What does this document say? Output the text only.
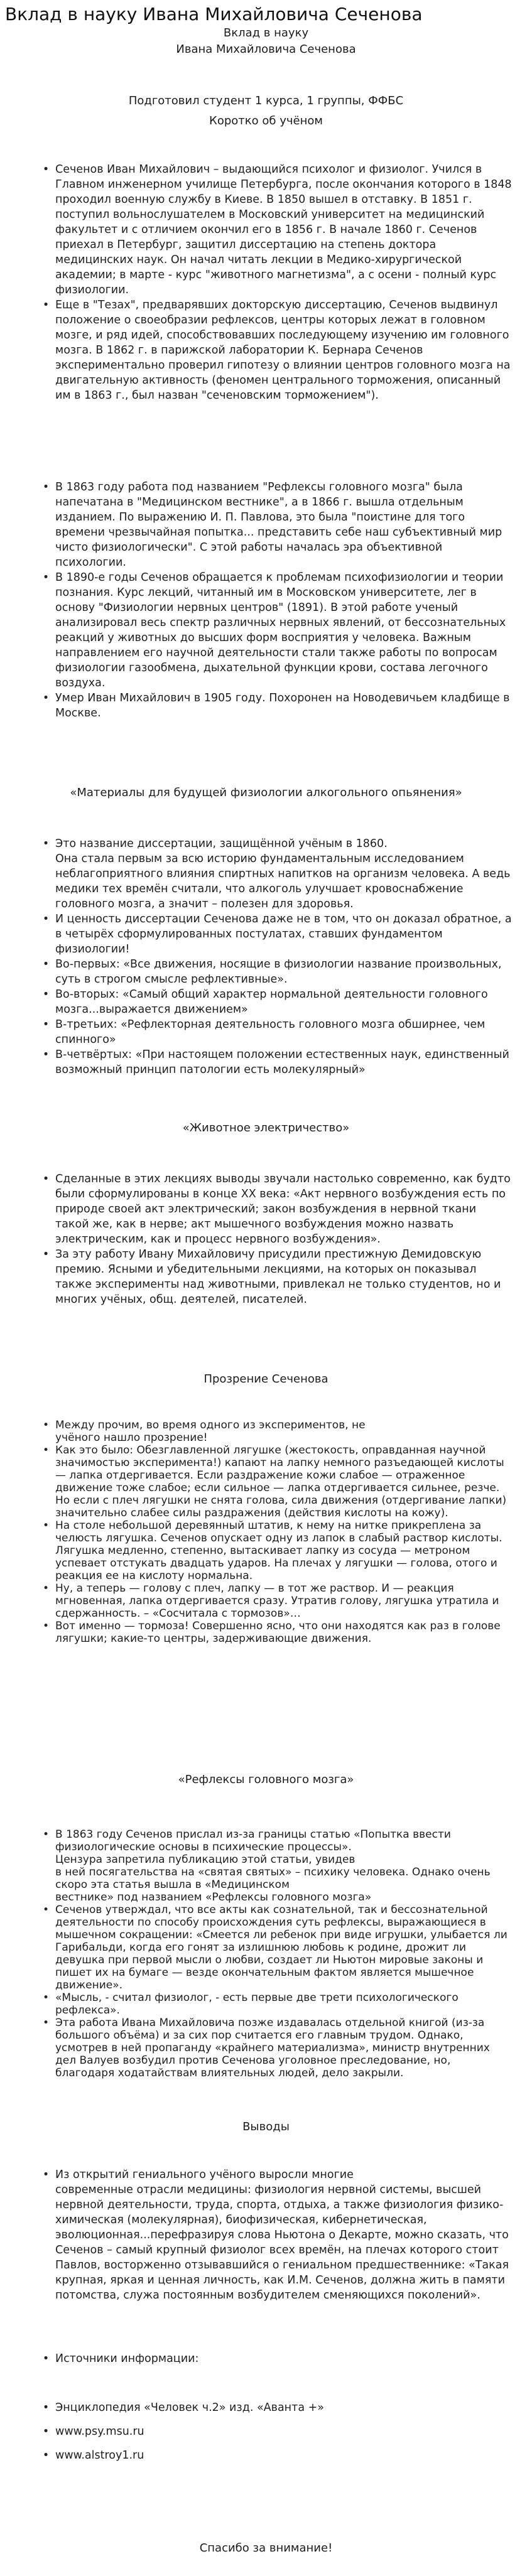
Вклад в науку Ивана Михайловича Сеченова
Вклад в науку
Ивана Михайловича Сеченова
Подготовил студент 1 курса, 1 группы, ФФБС
Коротко об учёном
• Сеченов Иван Михайлович – выдающийся психолог и физиолог. Учился в Главном инженерном училище Петербурга, после окончания которого в 1848 проходил военную службу в Киеве. В 1850 вышел в отставку. В 1851 г. поступил вольнослушателем в Московский университет на медицинский факультет и с отличием окончил его в 1856 г. В начале 1860 г. Сеченов приехал в Петербург, защитил диссертацию на степень доктора медицинских наук. Он начал читать лекции в Медико-хирургической академии; в марте - курс "животного магнетизма", а с осени - полный курс физиологии.
• Еще в "Тезах", предварявших докторскую диссертацию, Сеченов выдвинул положение о своеобразии рефлексов, центры которых лежат в головном мозге, и ряд идей, способствовавших последующему изучению им головного мозга. В 1862 г. в парижской лаборатории К. Бернара Сеченов экспериментально проверил гипотезу о влиянии центров головного мозга на двигательную активность (феномен центрального торможения, описанный им в 1863 г., был назван "сеченовским торможением").
• В 1863 году работа под названием "Рефлексы головного мозга" была напечатана в "Медицинском вестнике", а в 1866 г. вышла отдельным изданием. По выражению И. П. Павлова, это была "поистине для того времени чрезвычайная попытка... представить себе наш субъективный мир чисто физиологически". С этой работы началась эра объективной психологии.
• В 1890-е годы Сеченов обращается к проблемам психофизиологии и теории познания. Курс лекций, читанный им в Московском университете, лег в основу "Физиологии нервных центров" (1891). В этой работе ученый анализировал весь спектр различных нервных явлений, от бессознательных реакций у животных до высших форм восприятия у человека. Важным направлением его научной деятельности стали также работы по вопросам физиологии газообмена, дыхательной функции крови, состава легочного воздуха.
• Умер Иван Михайлович в 1905 году. Похоронен на Новодевичьем кладбище в Москве.
«Материалы для будущей физиологии алкогольного опьянения»
• Это название диссертации, защищённой учёным в 1860.
Она стала первым за всю историю фундаментальным исследованием неблагоприятного влияния спиртных напитков на организм человека. А ведь медики тех времён считали, что алкоголь улучшает кровоснабжение головного мозга, а значит – полезен для здоровья.
• И ценность диссертации Сеченова даже не в том, что он доказал обратное, а в четырёх сформулированных постулатах, ставших фундаментом физиологии!
• Во-первых: «Все движения, носящие в физиологии название произвольных, суть в строгом смысле рефлективные».
• Во-вторых: «Самый общий характер нормальной деятельности головного мозга...выражается движением»
• В-третьих: «Рефлекторная деятельность головного мозга обширнее, чем спинного»
• В-четвёртых: «При настоящем положении естественных наук, единственный возможный принцип патологии есть молекулярный»
«Животное электричество»
• Сделанные в этих лекциях выводы звучали настолько современно, как будто были сформулированы в конце XX века: «Акт нервного возбуждения есть по природе своей акт электрический; закон возбуждения в нервной ткани такой же, как в нерве; акт мышечного возбуждения можно назвать электрическим, как и процесс нервного возбуждения».
• За эту работу Ивану Михайловичу присудили престижную Демидовскую премию. Ясными и убедительными лекциями, на которых он показывал также эксперименты над животными, привлекал не только студентов, но и многих учёных, общ. деятелей, писателей.
Прозрение Сеченова
• Между прочим, во время одного из экспериментов, не
учёного нашло прозрение!
• Как это было: Обезглавленной лягушке (жестокость, оправданная научной значимостью эксперимента!) капают на лапку немного разъедающей кислоты — лапка отдергивается. Если раздражение кожи слабое — отраженное движение тоже слабое; если сильное — лапка отдергивается сильнее, резче. Но если с плеч лягушки не снята голова, сила движения (отдергивание лапки) значительно слабее силы раздражения (действия кислоты на кожу).
• На столе небольшой деревянный штатив, к нему на нитке прикреплена за челюсть лягушка. Сеченов опускает одну из лапок в слабый раствор кислоты. Лягушка медленно, степенно, вытаскивает лапку из сосуда — метроном успевает отстукать двадцать ударов. На плечах у лягушки — голова, отого и реакция ее на кислоту нормальна.
• Ну, а теперь — голову с плеч, лапку — в тот же раствор. И — реакция мгновенная, лапка отдергивается сразу. Утратив голову, лягушка утратила и сдержанность. – «Сосчитала с тормозов»…
• Вот именно — тормоза! Совершенно ясно, что они находятся как раз в голове лягушки; какие-то центры, задерживающие движения.
«Рефлексы головного мозга»
• В 1863 году Сеченов прислал из-за границы статью «Попытка ввести физиологические основы в психические процессы».
Цензура запретила публикацию этой статьи, увидев
в ней посягательства на «святая святых» – психику человека. Однако очень скоро эта статья вышла в «Медицинском
вестнике» под названием «Рефлексы головного мозга»
• Сеченов утверждал, что все акты как сознательной, так и бессознательной деятельности по способу происхождения суть рефлексы, выражающиеся в мышечном сокращении: «Смеется ли ребенок при виде игрушки, улыбается ли Гарибальди, когда его гонят за излишнюю любовь к родине, дрожит ли девушка при первой мысли о любви, создает ли Ньютон мировые законы и пишет их на бумаге — везде окончательным фактом является мышечное движение».
• «Мысль, - считал физиолог, - есть первые две трети психологического рефлекса».
• Эта работа Ивана Михайловича позже издавалась отдельной книгой (из-за большого объёма) и за сих пор считается его главным трудом. Однако, усмотрев в ней пропаганду «крайнего материализма», министр внутренних дел Валуев возбудил против Сеченова уголовное преследование, но, благодаря ходатайствам влиятельных людей, дело закрыли.
Выводы
• Из открытий гениального учёного выросли многие
современные отрасли медицины: физиология нервной системы, высшей нервной деятельности, труда, спорта, отдыха, а также физиология физико-химическая (молекулярная), биофизическая, кибернетическая, эволюционная...перефразируя слова Ньютона о Декарте, можно сказать, что Сеченов – самый крупный физиолог всех времён, на плечах которого стоит Павлов, восторженно отзывавшийся о гениальном предшественнике: «Такая крупная, яркая и ценная личность, как И.М. Сеченов, должна жить в памяти потомства, служа постоянным возбудителем сменяющихся поколений».
• Источники информации:
• Энциклопедия «Человек ч.2» изд. «Аванта +»
• www.psy.msu.ru
• www.alstroy1.ru
Спасибо за внимание!
